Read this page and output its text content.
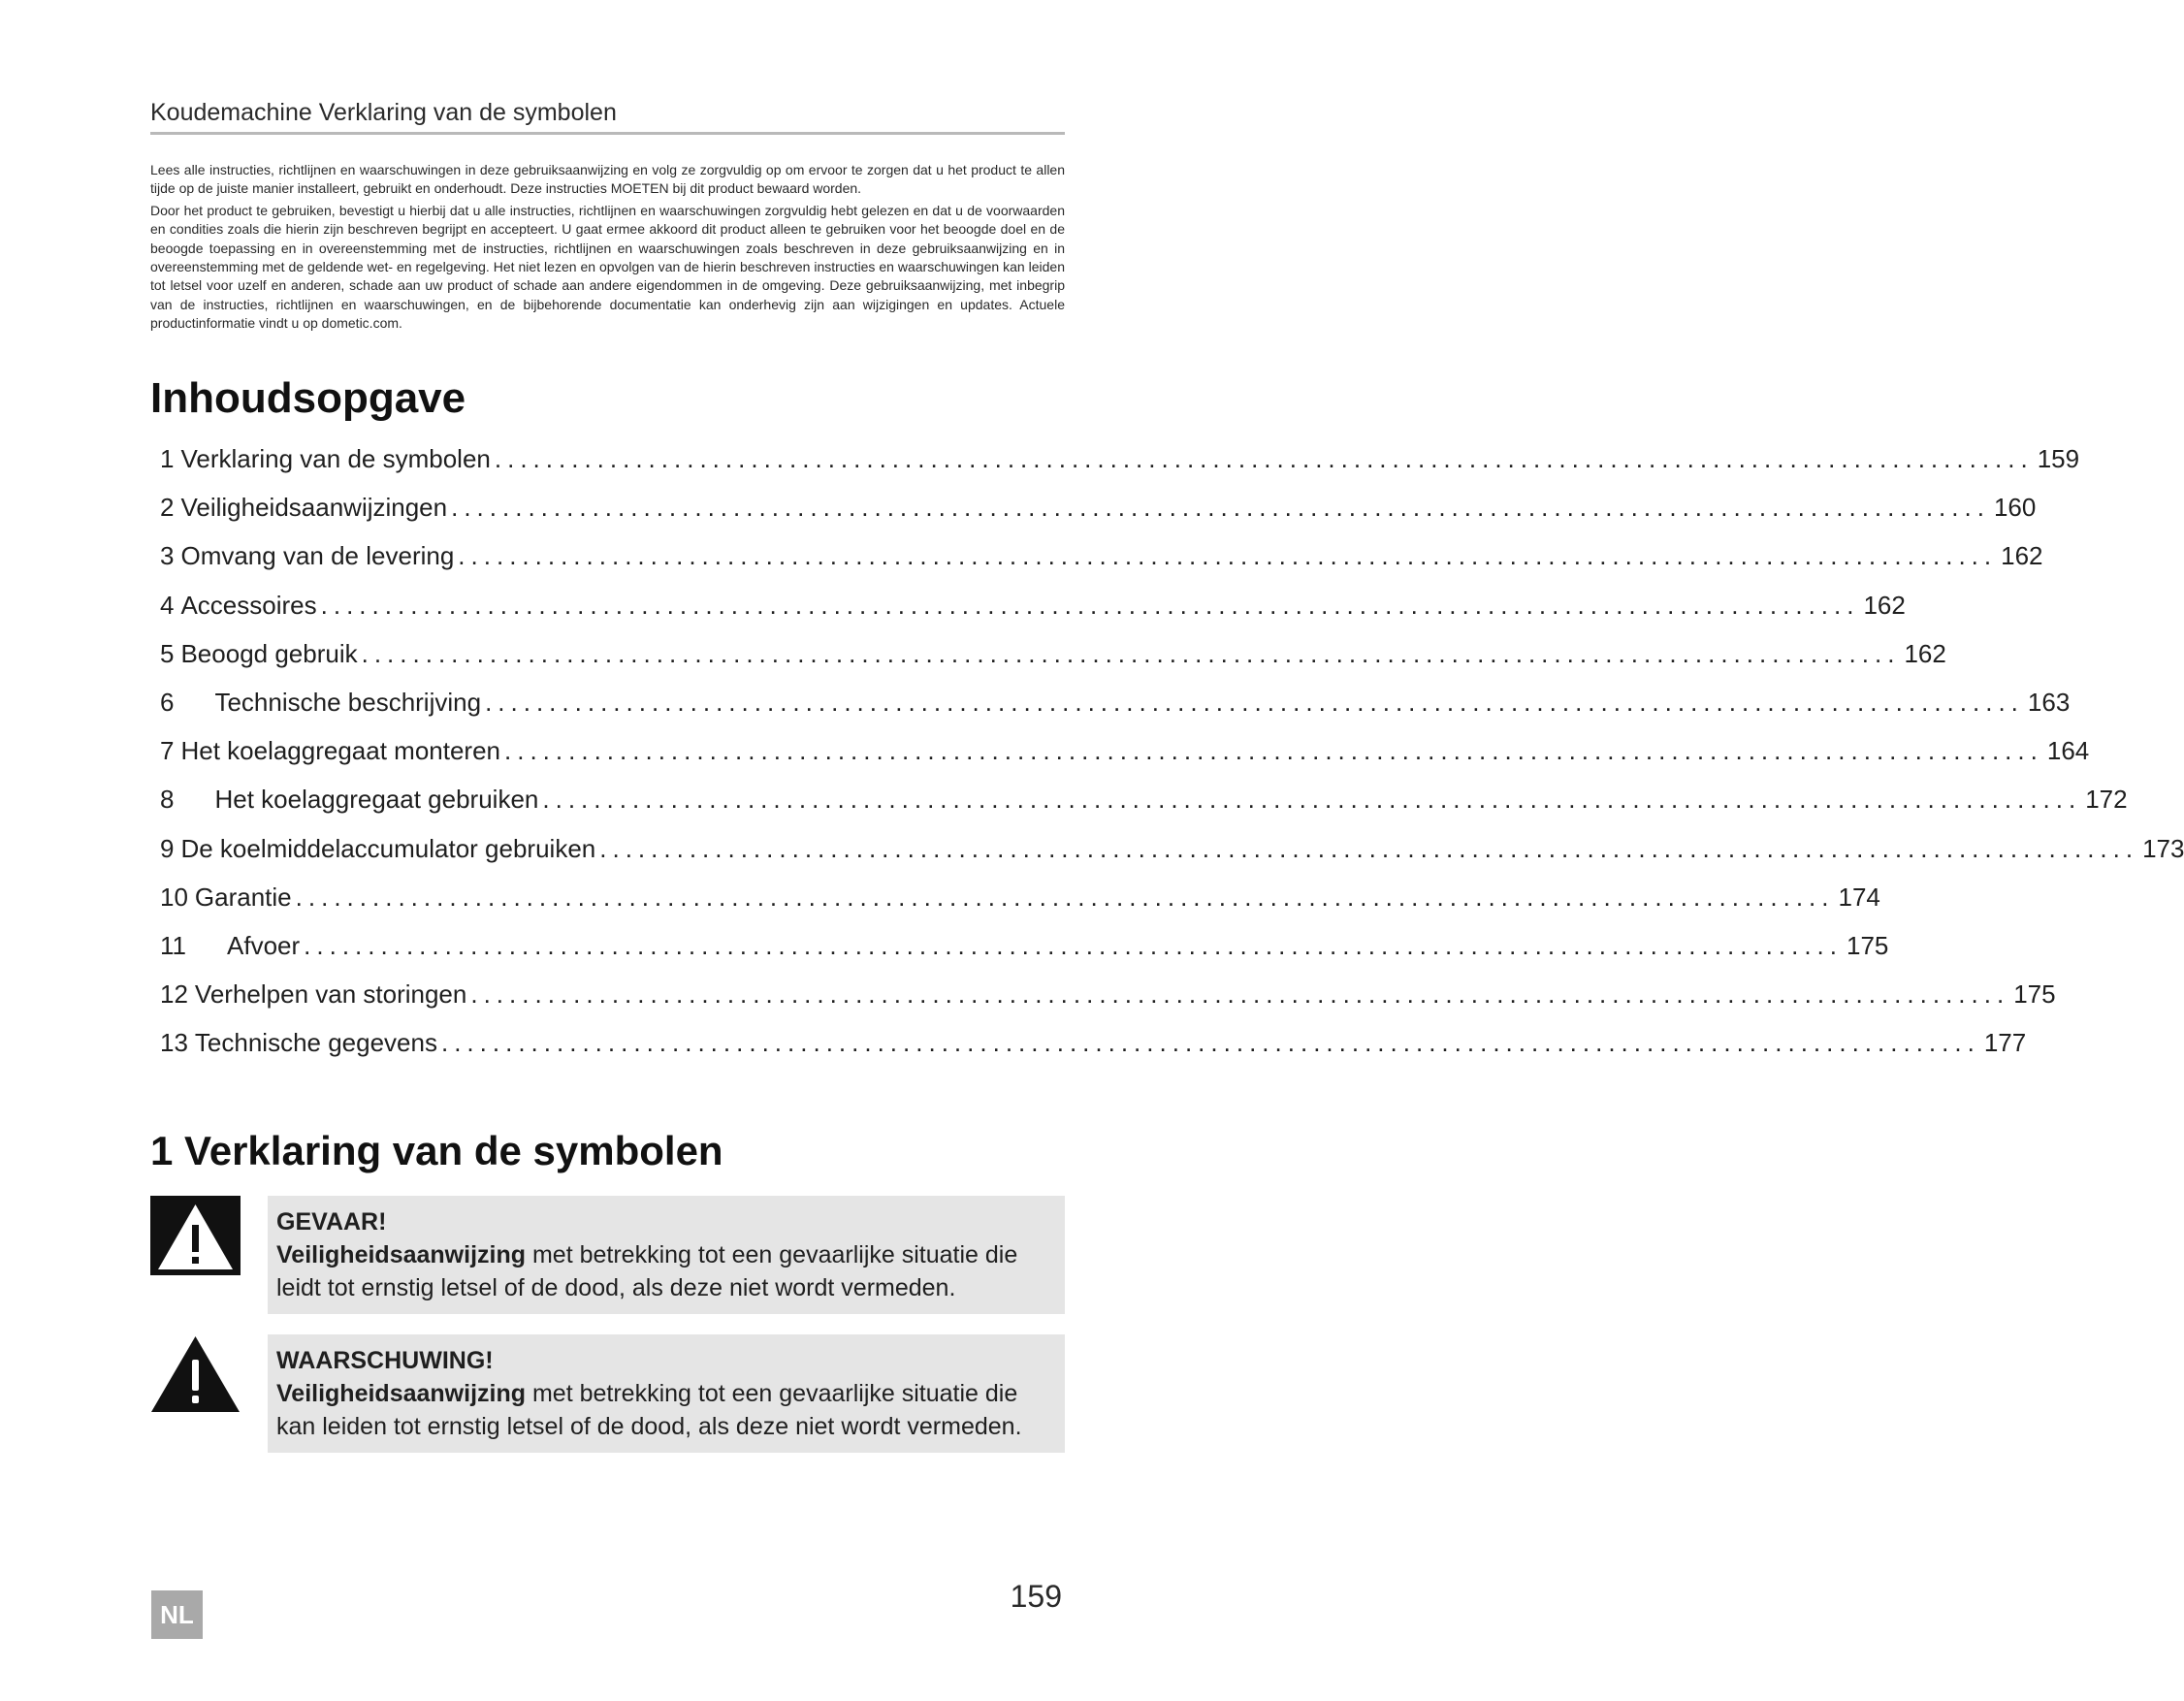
Koudemachine Verklaring van de symbolen

Lees alle instructies, richtlijnen en waarschuwingen in deze gebruiksaanwijzing en volg ze zorgvuldig op om ervoor te zorgen dat u het product te allen tijde op de juiste manier installeert, gebruikt en onderhoudt. Deze instructies MOETEN bij dit product bewaard worden.

Door het product te gebruiken, bevestigt u hierbij dat u alle instructies, richtlijnen en waarschuwingen zorgvuldig hebt gelezen en dat u de voorwaarden en condities zoals die hierin zijn beschreven begrijpt en accepteert. U gaat ermee akkoord dit product alleen te gebruiken voor het beoogde doel en de beoogde toepassing en in overeenstemming met de instructies, richtlijnen en waarschuwingen zoals beschreven in deze gebruiksaanwijzing en in overeenstemming met de geldende wet- en regelgeving. Het niet lezen en opvolgen van de hierin beschreven instructies en waarschuwingen kan leiden tot letsel voor uzelf en anderen, schade aan uw product of schade aan andere eigendommen in de omgeving. Deze gebruiksaanwijzing, met inbegrip van de instructies, richtlijnen en waarschuwingen, en de bijbehorende documentatie kan onderhevig zijn aan wijzigingen en updates. Actuele productinformatie vindt u op dometic.com.

Inhoudsopgave
1 Verklaring van de symbolen ........................................................................................................................ 159
2 Veiligheidsaanwijzingen ........................................................................................................................ 160
3 Omvang van de levering ........................................................................................................................ 162
4 Accessoires ........................................................................................................................ 162
5 Beoogd gebruik ........................................................................................................................ 162
6	Technische beschrijving ........................................................................................................................ 163
7 Het koelaggregaat monteren ........................................................................................................................ 164
8	Het koelaggregaat gebruiken ........................................................................................................................ 172
9 De koelmiddelaccumulator gebruiken ........................................................................................................................ 173
10 Garantie ........................................................................................................................ 174
11	Afvoer ........................................................................................................................ 175
12 Verhelpen van storingen ........................................................................................................................ 175
13 Technische gegevens ........................................................................................................................ 177
1 Verklaring van de symbolen
GEVAAR!
Veiligheidsaanwijzing met betrekking tot een gevaarlijke situatie die leidt tot ernstig letsel of de dood, als deze niet wordt vermeden.
WAARSCHUWING!
Veiligheidsaanwijzing met betrekking tot een gevaarlijke situatie die kan leiden tot ernstig letsel of de dood, als deze niet wordt vermeden.
NL
159
